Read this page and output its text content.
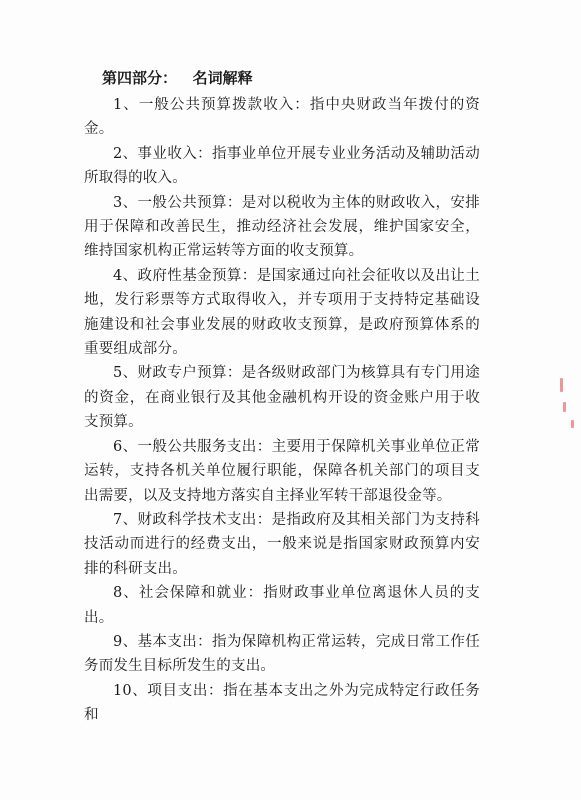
第四部分：   名词解释

1、一般公共预算拨款收入：指中央财政当年拨付的资金。

2、事业收入：指事业单位开展专业业务活动及辅助活动所取得的收入。

3、一般公共预算：是对以税收为主体的财政收入，安排用于保障和改善民生，推动经济社会发展，维护国家安全，维持国家机构正常运转等方面的收支预算。

4、政府性基金预算：是国家通过向社会征收以及出让土地，发行彩票等方式取得收入，并专项用于支持特定基础设施建设和社会事业发展的财政收支预算，是政府预算体系的重要组成部分。

5、财政专户预算：是各级财政部门为核算具有专门用途的资金，在商业银行及其他金融机构开设的资金账户用于收支预算。

6、一般公共服务支出：主要用于保障机关事业单位正常运转，支持各机关单位履行职能，保障各机关部门的项目支出需要，以及支持地方落实自主择业军转干部退役金等。

7、财政科学技术支出：是指政府及其相关部门为支持科技活动而进行的经费支出，一般来说是指国家财政预算内安排的科研支出。

8、社会保障和就业：指财政事业单位离退休人员的支出。

9、基本支出：指为保障机构正常运转，完成日常工作任务而发生目标所发生的支出。

10、项目支出：指在基本支出之外为完成特定行政任务和
